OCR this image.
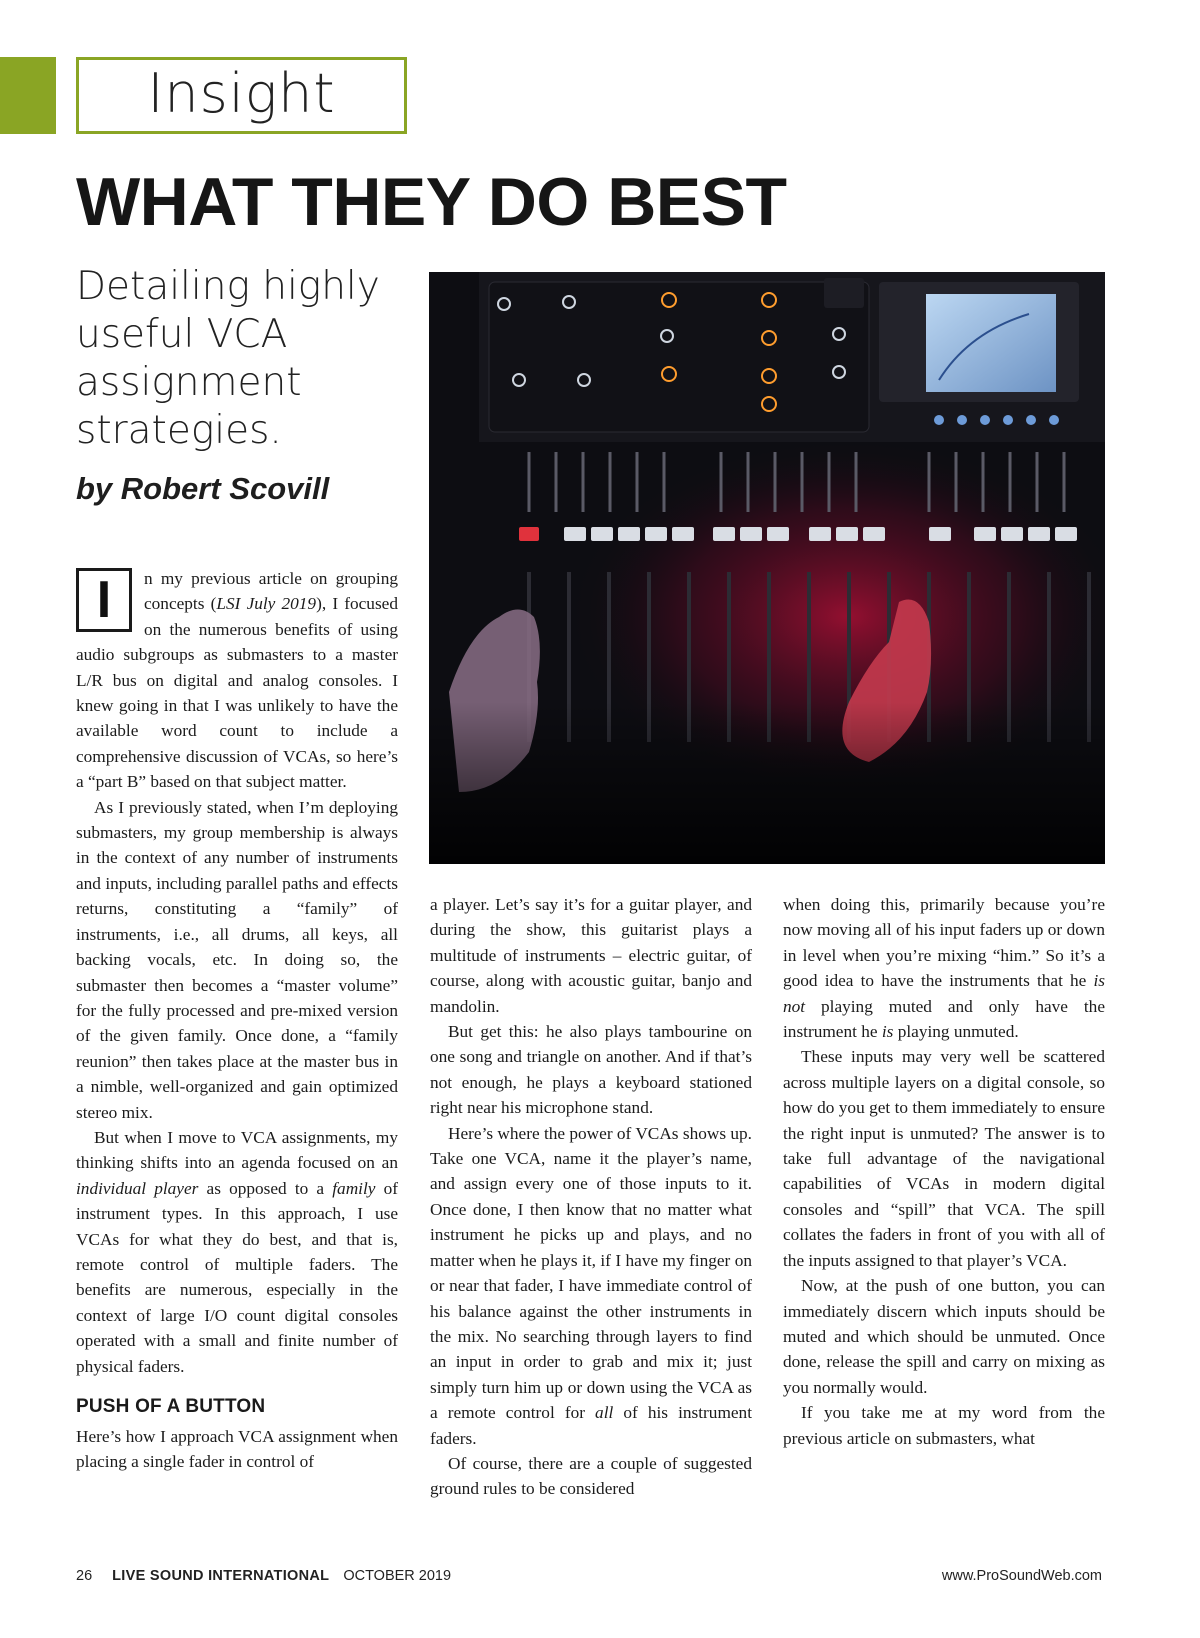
Insight
WHAT THEY DO BEST
Detailing highly useful VCA assignment strategies.
by Robert Scovill

I	n my previous article on grouping concepts (LSI July 2019), I focused on the numerous benefits of using audio subgroups as submasters to a master L/R bus on digital and analog consoles. I knew going in that I was unlikely to have the available word count to include a comprehensive discussion of VCAs, so here’s a “part B” based on that subject matter.

As I previously stated, when I’m deploying submasters, my group membership is always in the context of any number of instruments and inputs, including parallel paths and effects returns, constituting a “family” of instruments, i.e., all drums, all keys, all backing vocals, etc. In doing so, the submaster then becomes a “master volume” for the fully processed and pre-mixed version of the given family. Once done, a “family reunion” then takes place at the master bus in a nimble, well-organized and gain optimized stereo mix.

But when I move to VCA assignments, my thinking shifts into an agenda focused on an individual player as opposed to a family of instrument types. In this approach, I use VCAs for what they do best, and that is, remote control of multiple faders. The benefits are numerous, especially in the context of large I/O count digital consoles operated with a small and finite number of physical faders.

PUSH OF A BUTTON

Here’s how I approach VCA assignment when placing a single fader in control of

a player. Let’s say it’s for a guitar player, and during the show, this guitarist plays a multitude of instruments – electric guitar, of course, along with acoustic guitar, banjo and mandolin.

But get this: he also plays tambourine on one song and triangle on another. And if that’s not enough, he plays a keyboard stationed right near his microphone stand.

Here’s where the power of VCAs shows up. Take one VCA, name it the player’s name, and assign every one of those inputs to it. Once done, I then know that no matter what instrument he picks up and plays, and no matter when he plays it, if I have my finger on or near that fader, I have immediate control of his balance against the other instruments in the mix. No searching through layers to find an input in order to grab and mix it; just simply turn him up or down using the VCA as a remote control for all of his instrument faders.

Of course, there are a couple of suggested ground rules to be considered

when doing this, primarily because you’re now moving all of his input faders up or down in level when you’re mixing “him.” So it’s a good idea to have the instruments that he is not playing muted and only have the instrument he is playing unmuted.

These inputs may very well be scattered across multiple layers on a digital console, so how do you get to them immediately to ensure the right input is unmuted? The answer is to take full advantage of the navigational capabilities of VCAs in modern digital consoles and “spill” that VCA. The spill collates the faders in front of you with all of the inputs assigned to that player’s VCA.

Now, at the push of one button, you can immediately discern which inputs should be muted and which should be unmuted. Once done, release the spill and carry on mixing as you normally would.

If you take me at my word from the previous article on submasters, what

26 LIVE SOUND INTERNATIONAL OCTOBER 2019	www.ProSoundWeb.com
